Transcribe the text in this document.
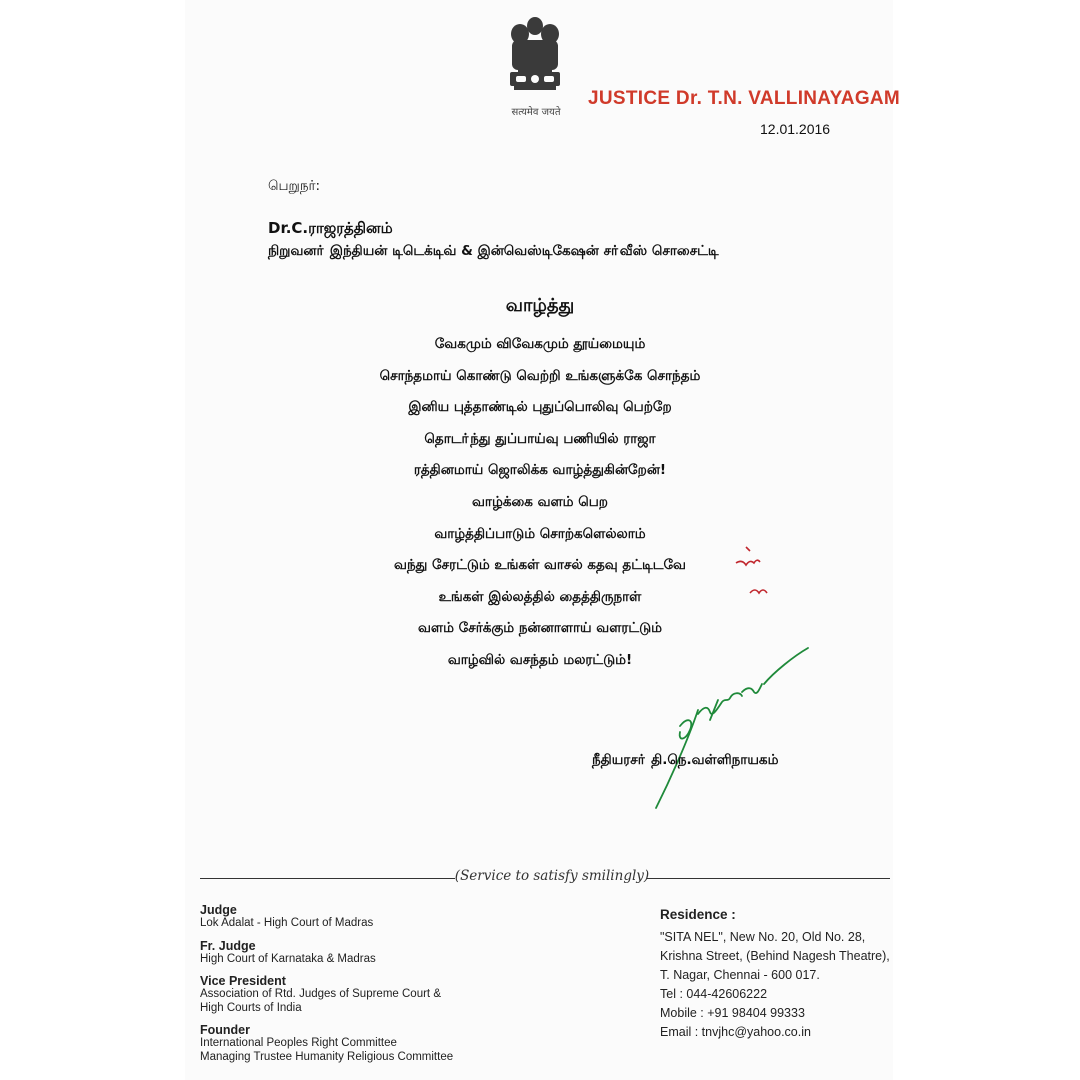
सत्यमेव जयते
JUSTICE Dr. T.N. VALLINAYAGAM
12.01.2016
பெறுநர்:
Dr.C.ராஜரத்தினம்
நிறுவனா் இந்தியன் டிடெக்டிவ் & இன்வெஸ்டிகேஷன் சா்வீஸ் சொசைட்டி
வாழ்த்து
வேகமும் விவேகமும் தூய்மையும்
சொந்தமாய் கொண்டு வெற்றி உங்களுக்கே சொந்தம்
இனிய புத்தாண்டில் புதுப்பொலிவு பெற்றே
தொடா்ந்து துப்பாய்வு பணியில் ராஜா
ரத்தினமாய் ஜொலிக்க வாழ்த்துகின்றேன்!
வாழ்க்கை வளம் பெற
வாழ்த்திப்பாடும் சொற்களெல்லாம்
வந்து சேரட்டும் உங்கள் வாசல் கதவு தட்டிடவே
உங்கள் இல்லத்தில் தைத்திருநாள்
வளம் சேர்க்கும் நன்னாளாய் வளரட்டும்
வாழ்வில் வசந்தம் மலரட்டும்!
நீதியரசா் தி.நெ.வள்ளிநாயகம்
(Service to satisfy smilingly)
Judge
Lok Adalat - High Court of Madras
Fr. Judge
High Court of Karnataka & Madras
Vice President
Association of Rtd. Judges of Supreme Court &
High Courts of India
Founder
International Peoples Right Committee
Managing Trustee Humanity Religious Committee
Residence :
"SITA NEL", New No. 20, Old No. 28,
Krishna Street, (Behind Nagesh Theatre),
T. Nagar, Chennai - 600 017.
Tel : 044-42606222
Mobile : +91 98404 99333
Email : tnvjhc@yahoo.co.in
